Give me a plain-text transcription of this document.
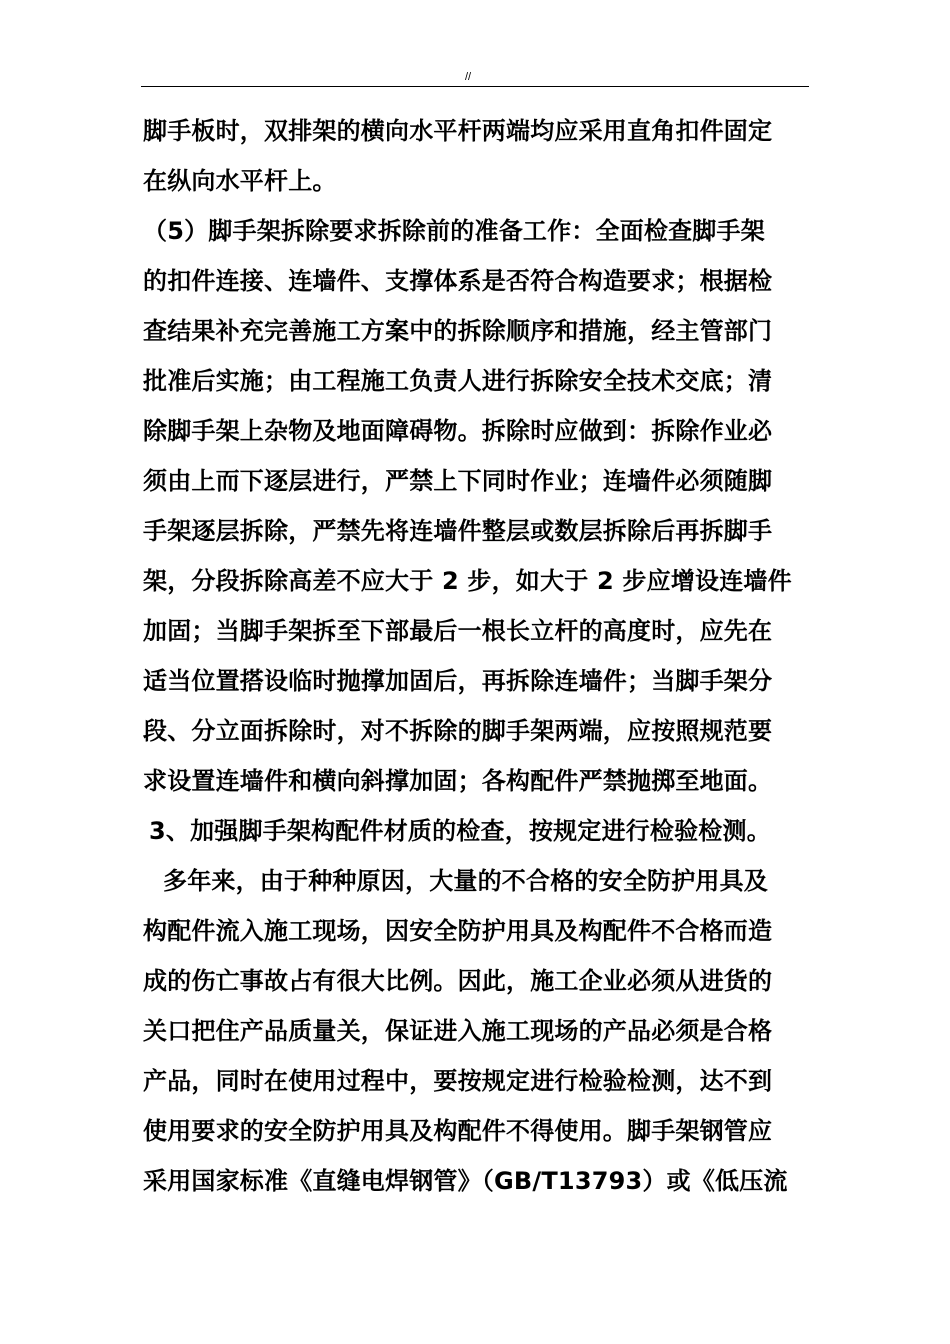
//
脚手板时，双排架的横向水平杆两端均应采用直角扣件固定
在纵向水平杆上。
（5）脚手架拆除要求拆除前的准备工作：全面检查脚手架
的扣件连接、连墙件、支撑体系是否符合构造要求；根据检
查结果补充完善施工方案中的拆除顺序和措施，经主管部门
批准后实施；由工程施工负责人进行拆除安全技术交底；清
除脚手架上杂物及地面障碍物。拆除时应做到：拆除作业必
须由上而下逐层进行，严禁上下同时作业；连墙件必须随脚
手架逐层拆除，严禁先将连墙件整层或数层拆除后再拆脚手
架，分段拆除高差不应大于 2 步，如大于 2 步应增设连墙件
加固；当脚手架拆至下部最后一根长立杆的高度时，应先在
适当位置搭设临时抛撑加固后，再拆除连墙件；当脚手架分
段、分立面拆除时，对不拆除的脚手架两端，应按照规范要
求设置连墙件和横向斜撑加固；各构配件严禁抛掷至地面。
3、加强脚手架构配件材质的检查，按规定进行检验检测。
多年来，由于种种原因，大量的不合格的安全防护用具及
构配件流入施工现场，因安全防护用具及构配件不合格而造
成的伤亡事故占有很大比例。因此，施工企业必须从进货的
关口把住产品质量关，保证进入施工现场的产品必须是合格
产品，同时在使用过程中，要按规定进行检验检测，达不到
使用要求的安全防护用具及构配件不得使用。脚手架钢管应
采用国家标准《直缝电焊钢管》（GB/T13793）或《低压流
